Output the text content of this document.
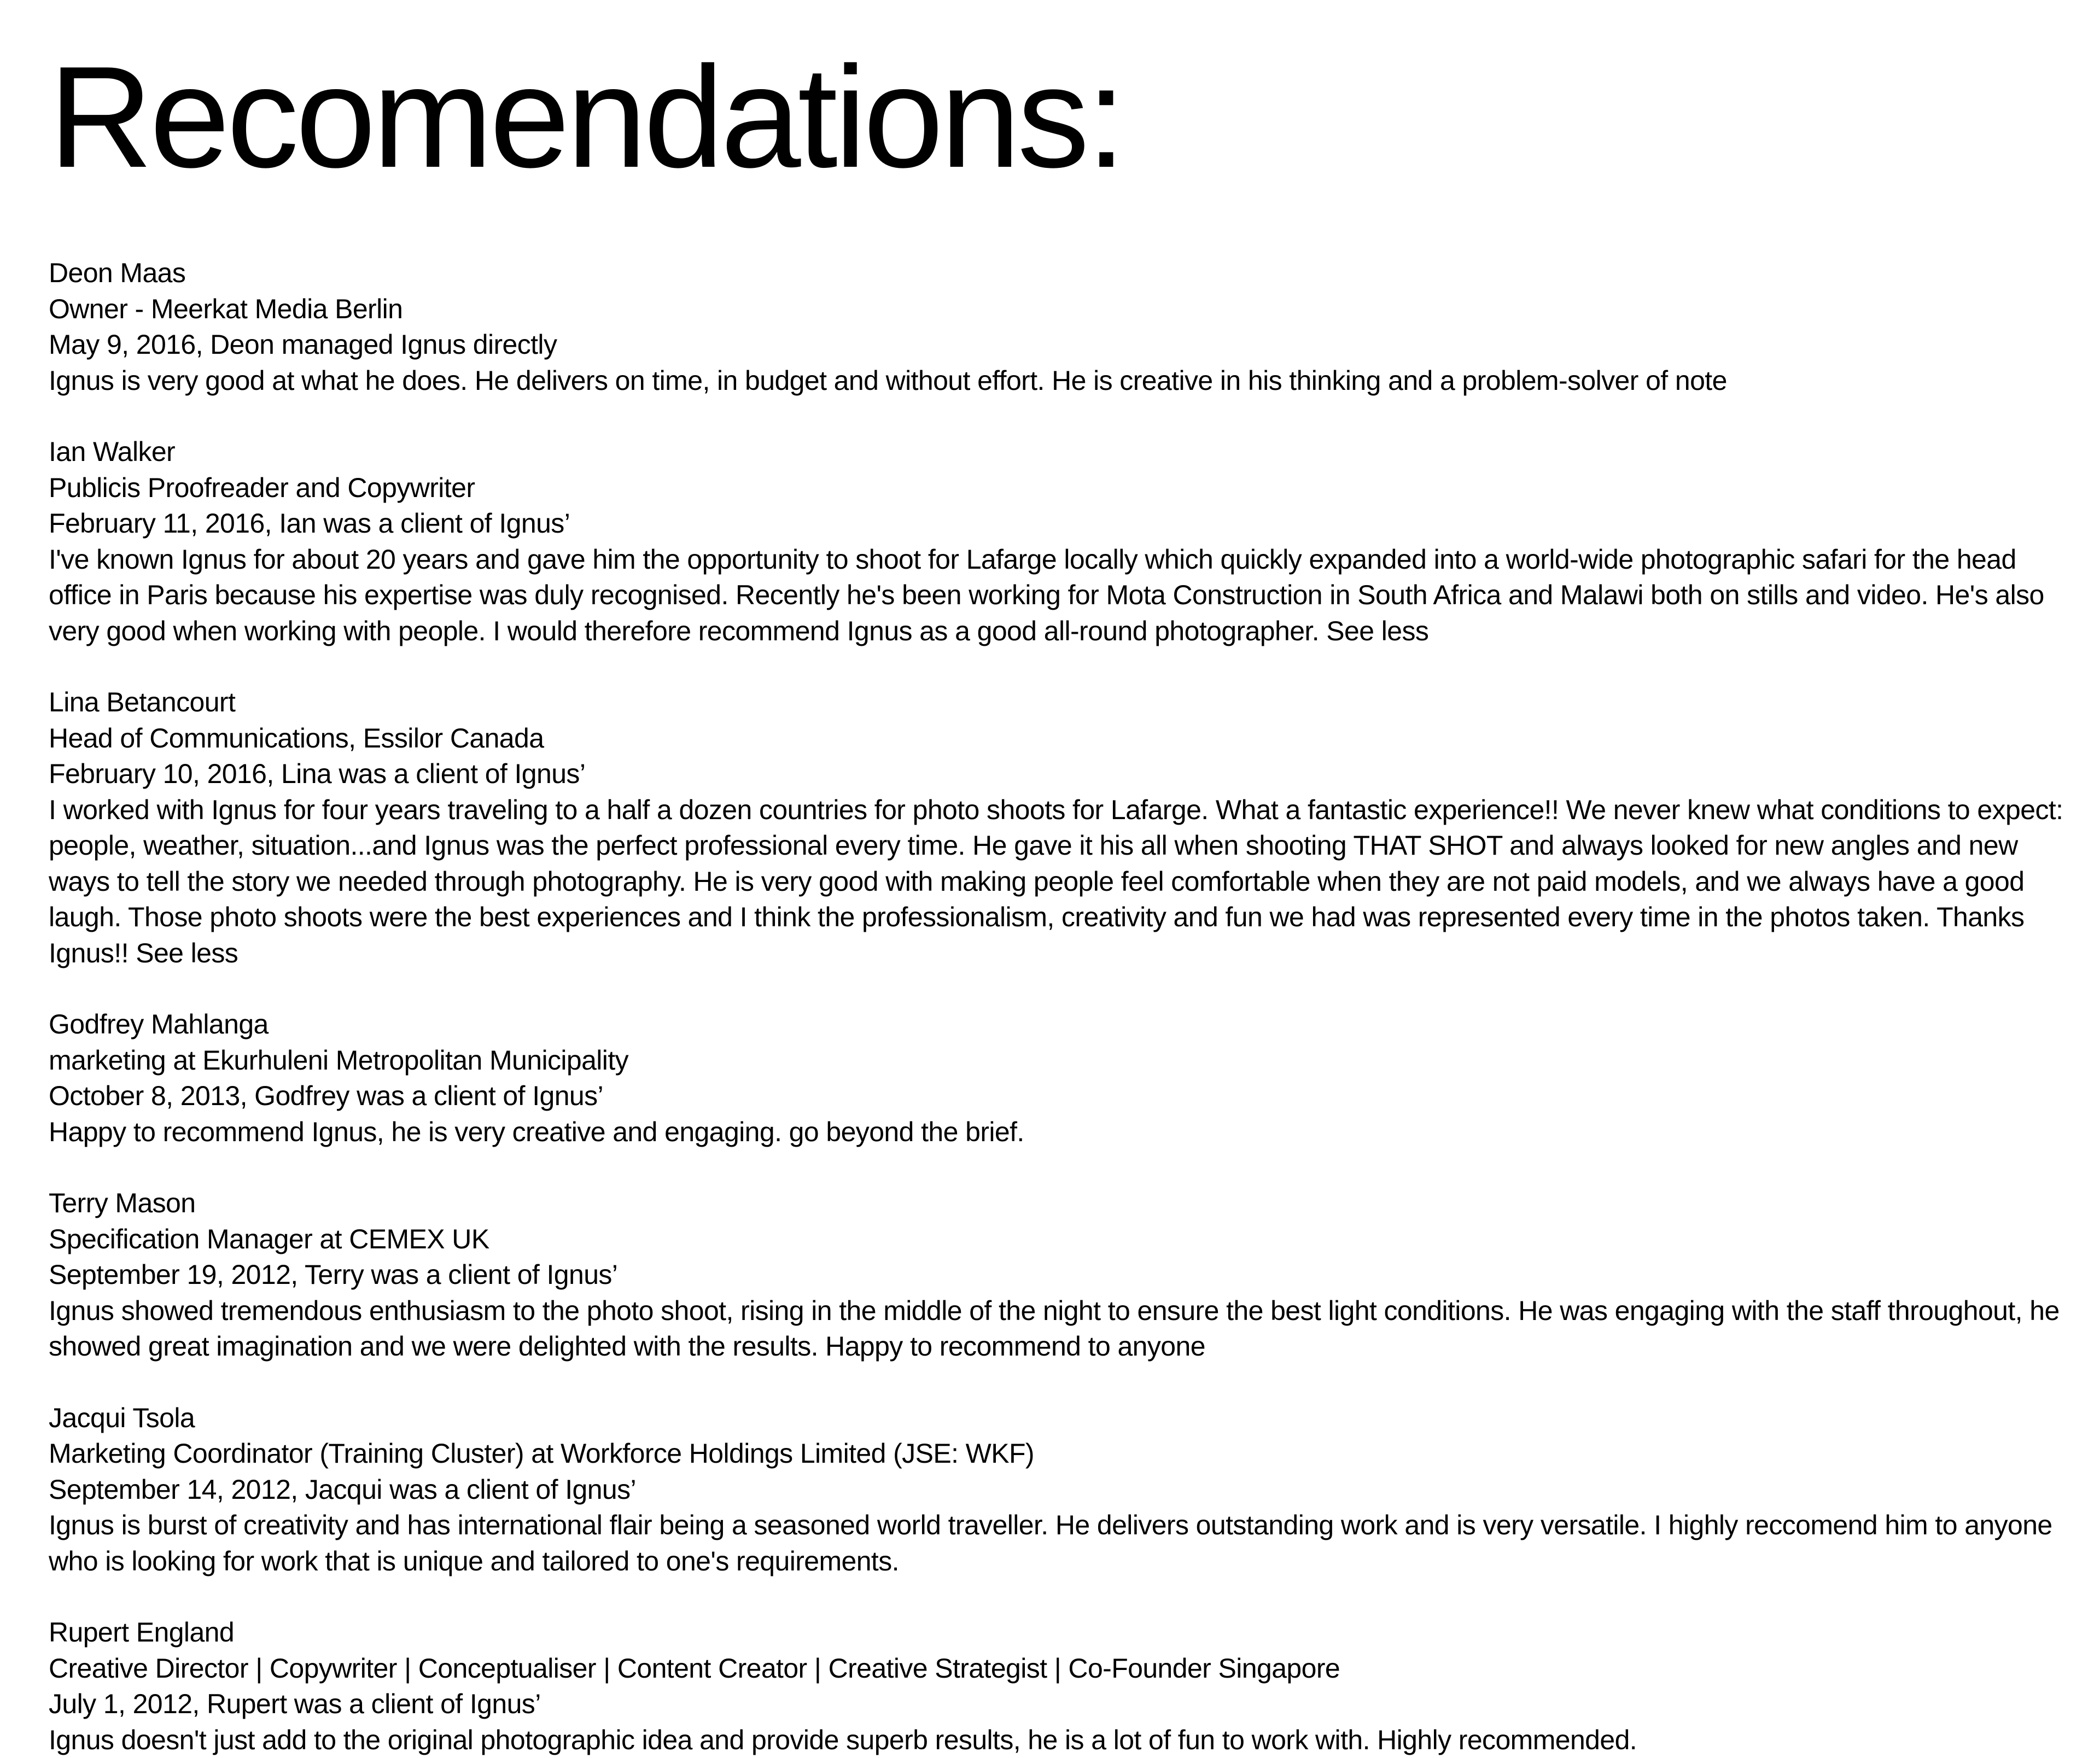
Recomendations:
Deon Maas
Owner - Meerkat Media Berlin
May 9, 2016, Deon managed Ignus directly
Ignus is very good at what he does. He delivers on time, in budget and without effort. He is creative in his thinking and a problem-solver of note
Ian Walker
Publicis Proofreader and Copywriter
February 11, 2016, Ian was a client of Ignus’
I've known Ignus for about 20 years and gave him the opportunity to shoot for Lafarge locally which quickly expanded into a world-wide photographic safari for the head office in Paris because his expertise was duly recognised. Recently he's been working for Mota Construction in South Africa and Malawi both on stills and video. He's also very good when working with people. I would therefore recommend Ignus as a good all-round photographer. See less
Lina Betancourt
Head of Communications, Essilor Canada
February 10, 2016, Lina was a client of Ignus’
I worked with Ignus for four years traveling to a half a dozen countries for photo shoots for Lafarge. What a fantastic experience!! We never knew what conditions to expect: people, weather, situation...and Ignus was the perfect professional every time. He gave it his all when shooting THAT SHOT and always looked for new angles and new ways to tell the story we needed through photography. He is very good with making people feel comfortable when they are not paid models, and we always have a good laugh. Those photo shoots were the best experiences and I think the professionalism, creativity and fun we had was represented every time in the photos taken. Thanks Ignus!! See less
Godfrey Mahlanga
marketing at Ekurhuleni Metropolitan Municipality
October 8, 2013, Godfrey was a client of Ignus’
Happy to recommend Ignus, he is very creative and engaging. go beyond the brief.
Terry Mason
Specification Manager at CEMEX UK
September 19, 2012, Terry was a client of Ignus’
Ignus showed tremendous enthusiasm to the photo shoot, rising in the middle of the night to ensure the best light conditions. He was engaging with the staff throughout, he showed great imagination and we were delighted with the results. Happy to recommend to anyone
Jacqui Tsola
Marketing Coordinator (Training Cluster) at Workforce Holdings Limited (JSE: WKF)
September 14, 2012, Jacqui was a client of Ignus’
Ignus is burst of creativity and has international flair being a seasoned world traveller. He delivers outstanding work and is very versatile. I highly reccomend him to anyone who is looking for work that is unique and tailored to one's requirements.
Rupert England
Creative Director | Copywriter | Conceptualiser | Content Creator | Creative Strategist | Co-Founder Singapore
July 1, 2012, Rupert was a client of Ignus’
Ignus doesn't just add to the original photographic idea and provide superb results, he is a lot of fun to work with. Highly recommended.
